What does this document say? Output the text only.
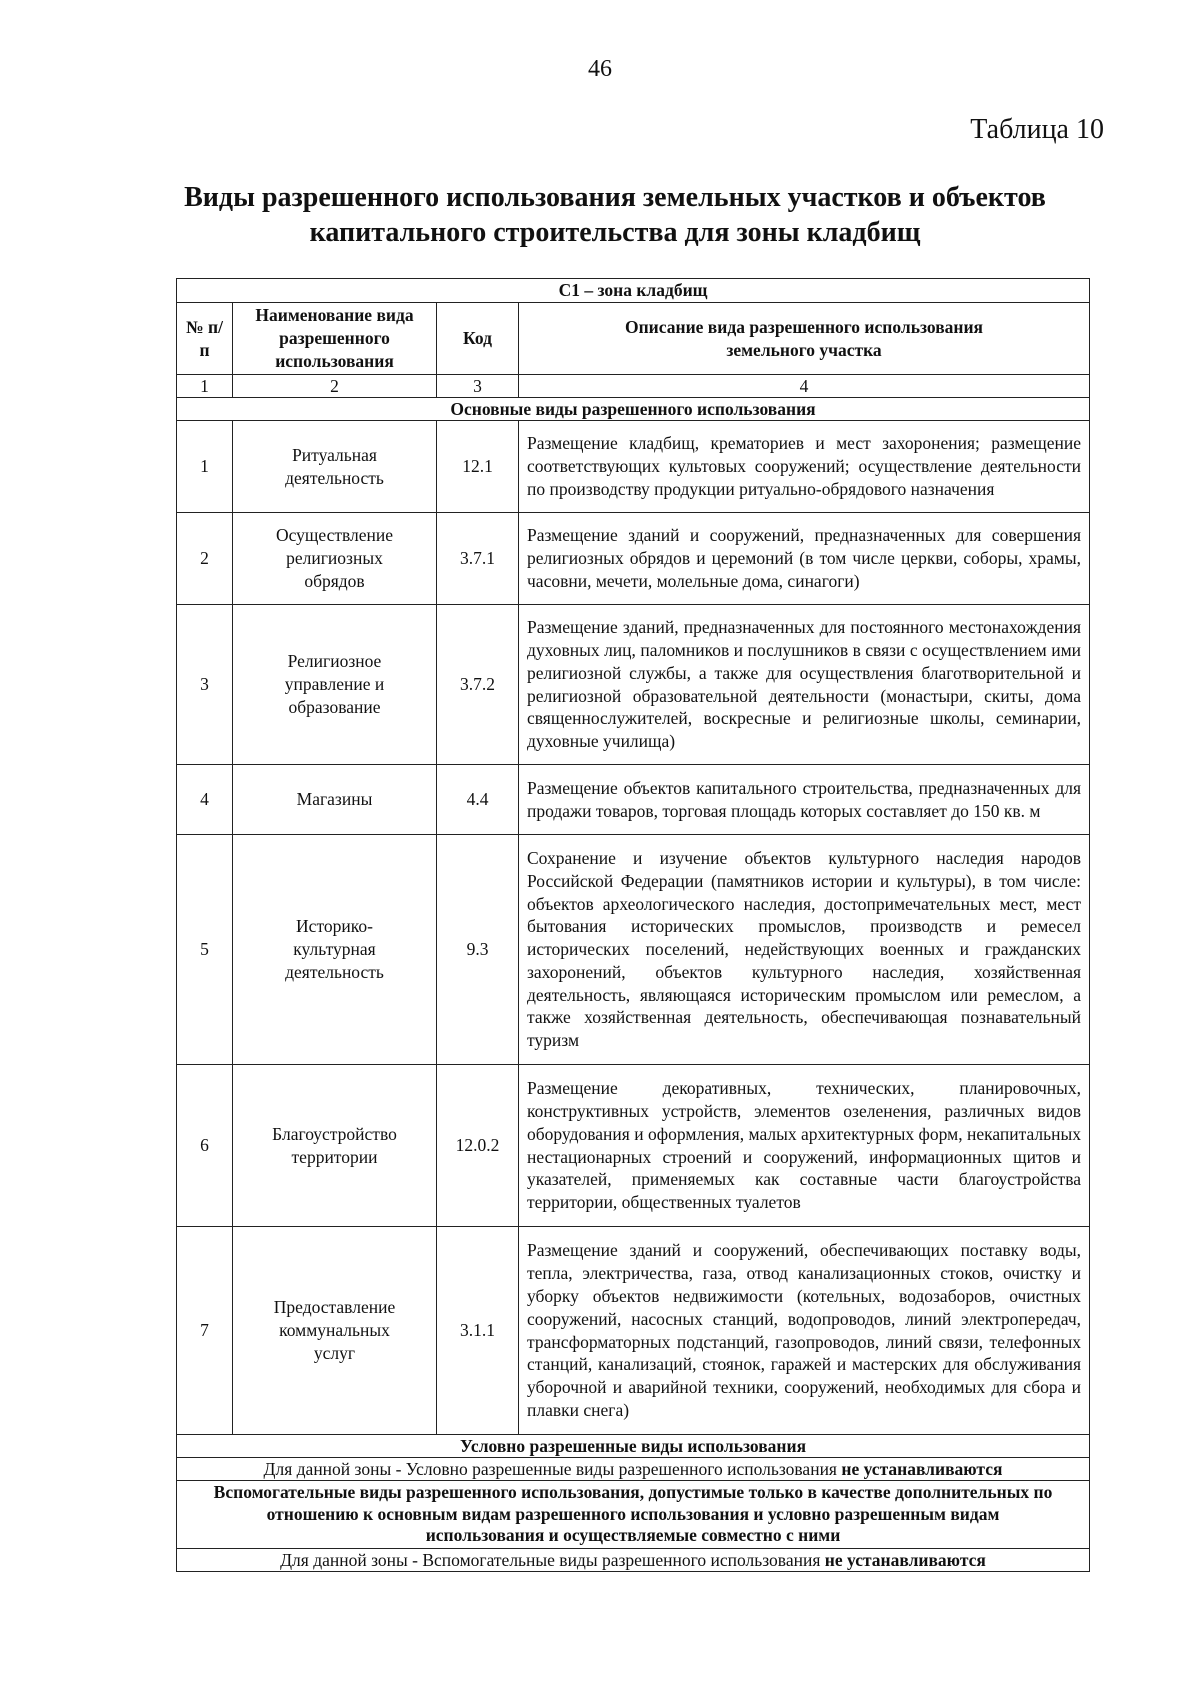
46
Таблица 10
Виды разрешенного использования земельных участков и объектов
капитального строительства для зоны кладбищ
С1 – зона кладбищ			
№ п/п	Наименование вида разрешенного использования	Код	Описание вида разрешенного использования земельного участка
1	2	3	4
Основные виды разрешенного использования			
1	Ритуальная деятельность	12.1	Размещение кладбищ, крематориев и мест захоронения; размещение соответствующих культовых сооружений; осуществление деятельности по производству продукции ритуально-обрядового назначения
2	Осуществление религиозных обрядов	3.7.1	Размещение зданий и сооружений, предназначенных для совершения религиозных обрядов и церемоний (в том числе церкви, соборы, храмы, часовни, мечети, молельные дома, синагоги)
3	Религиозное управление и образование	3.7.2	Размещение зданий, предназначенных для постоянного местонахождения духовных лиц, паломников и послушников в связи с осуществлением ими религиозной службы, а также для осуществления благотворительной и религиозной образовательной деятельности (монастыри, скиты, дома священнослужителей, воскресные и религиозные школы, семинарии, духовные училища)
4	Магазины	4.4	Размещение объектов капитального строительства, предназначенных для продажи товаров, торговая площадь которых составляет до 150 кв. м
5	Историко-культурная деятельность	9.3	Сохранение и изучение объектов культурного наследия народов Российской Федерации (памятников истории и культуры), в том числе: объектов археологического наследия, достопримечательных мест, мест бытования исторических промыслов, производств и ремесел исторических поселений, недействующих военных и гражданских захоронений, объектов культурного наследия, хозяйственная деятельность, являющаяся историческим промыслом или ремеслом, а также хозяйственная деятельность, обеспечивающая познавательный туризм
6	Благоустройство территории	12.0.2	Размещение декоративных, технических, планировочных, конструктивных устройств, элементов озеленения, различных видов оборудования и оформления, малых архитектурных форм, некапитальных нестационарных строений и сооружений, информационных щитов и указателей, применяемых как составные части благоустройства территории, общественных туалетов
7	Предоставление коммунальных услуг	3.1.1	Размещение зданий и сооружений, обеспечивающих поставку воды, тепла, электричества, газа, отвод канализационных стоков, очистку и уборку объектов недвижимости (котельных, водозаборов, очистных сооружений, насосных станций, водопроводов, линий электропередач, трансформаторных подстанций, газопроводов, линий связи, телефонных станций, канализаций, стоянок, гаражей и мастерских для обслуживания уборочной и аварийной техники, сооружений, необходимых для сбора и плавки снега)
Условно разрешенные виды использования			
Для данной зоны - Условно разрешенные виды разрешенного использования не устанавливаются			
Вспомогательные виды разрешенного использования, допустимые только в качестве дополнительных по отношению к основным видам разрешенного использования и условно разрешенным видам использования и осуществляемые совместно с ними			
Для данной зоны - Вспомогательные виды разрешенного использования не устанавливаются			
